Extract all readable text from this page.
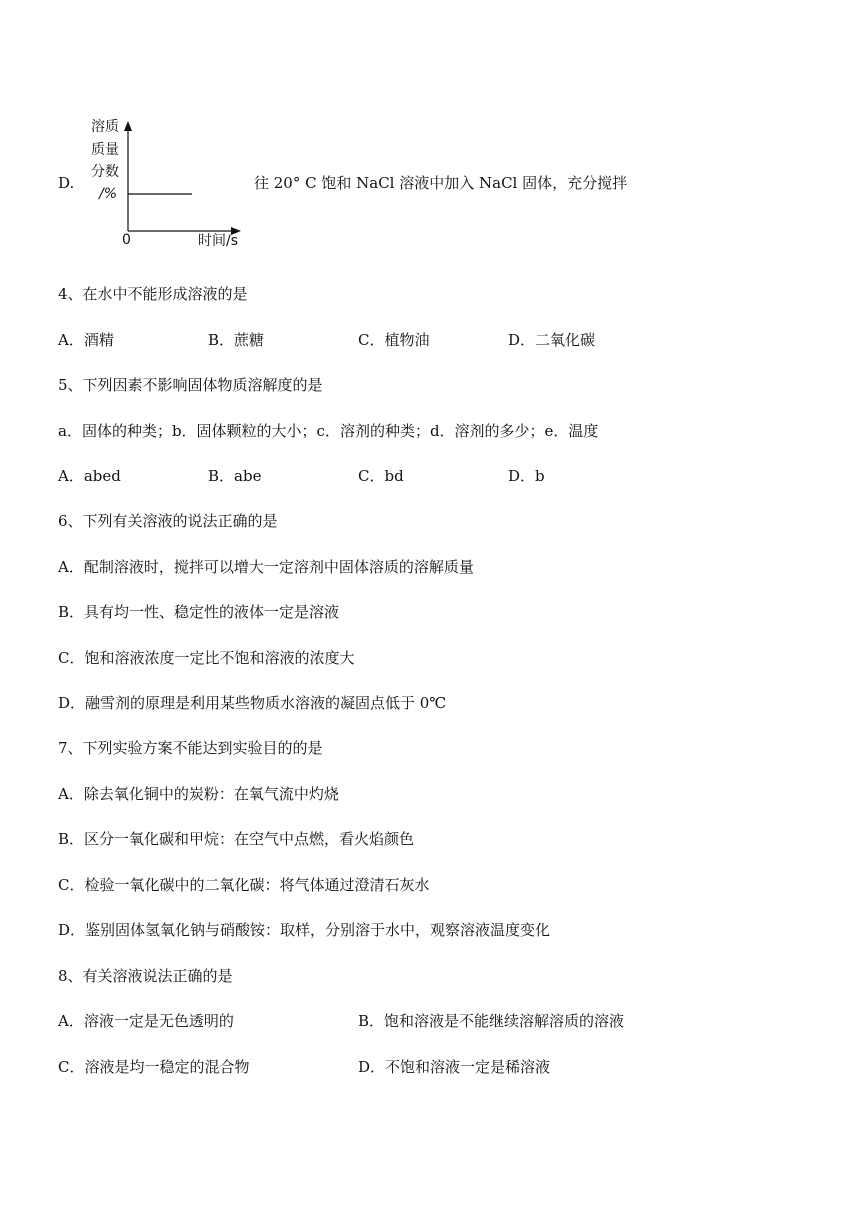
D.
溶质
质量
分数
/%
0	时间/s
往 20° C 饱和 NaCl 溶液中加入 NaCl 固体，充分搅拌
4、在水中不能形成溶液的是
A．酒精	B．蔗糖	C．植物油	D．二氧化碳
5、下列因素不影响固体物质溶解度的是
a．固体的种类；b．固体颗粒的大小；c．溶剂的种类；d．溶剂的多少；e．温度
A．abed	B．abe	C．bd	D．b
6、下列有关溶液的说法正确的是
A．配制溶液时，搅拌可以增大一定溶剂中固体溶质的溶解质量
B．具有均一性、稳定性的液体一定是溶液
C．饱和溶液浓度一定比不饱和溶液的浓度大
D．融雪剂的原理是利用某些物质水溶液的凝固点低于 0℃
7、下列实验方案不能达到实验目的的是
A．除去氧化铜中的炭粉：在氧气流中灼烧
B．区分一氧化碳和甲烷：在空气中点燃，看火焰颜色
C．检验一氧化碳中的二氧化碳：将气体通过澄清石灰水
D．鉴别固体氢氧化钠与硝酸铵：取样，分别溶于水中，观察溶液温度变化
8、有关溶液说法正确的是
A．溶液一定是无色透明的	B．饱和溶液是不能继续溶解溶质的溶液
C．溶液是均一稳定的混合物	D．不饱和溶液一定是稀溶液
